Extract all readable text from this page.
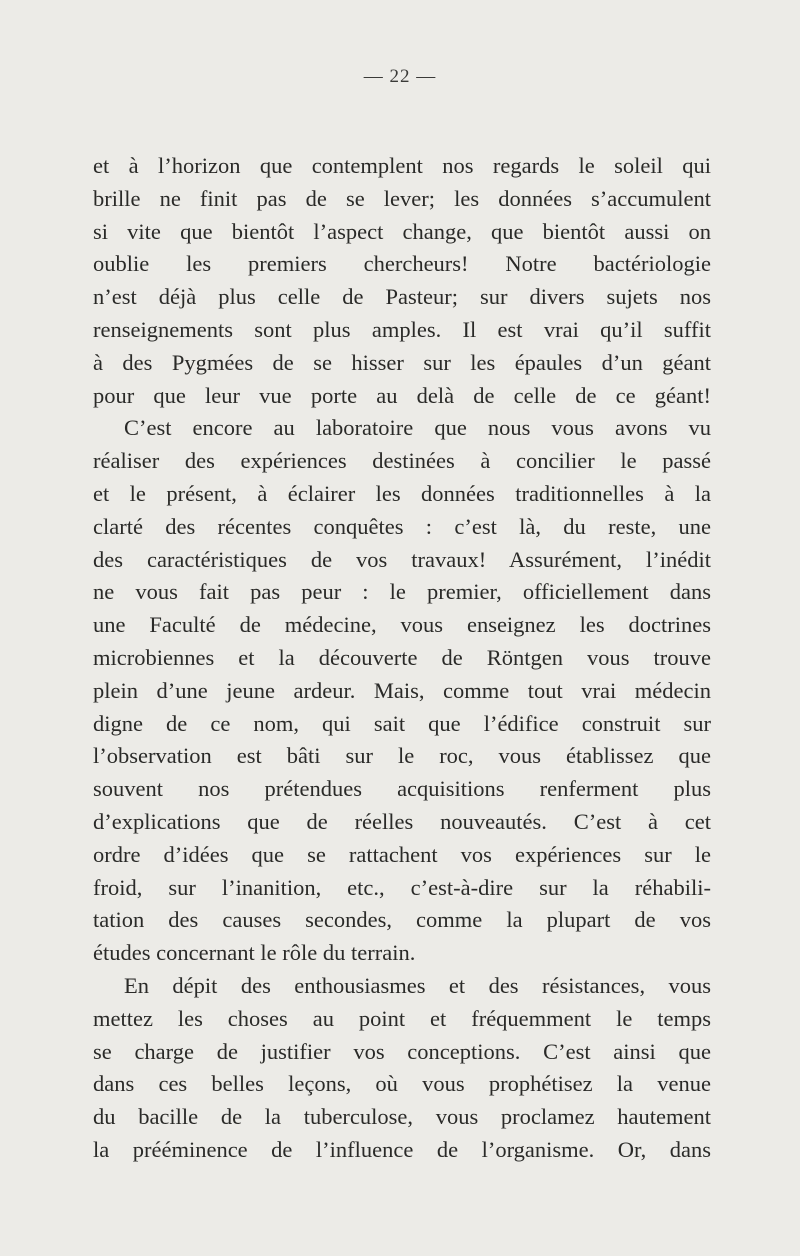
— 22 —
et à l’horizon que contemplent nos regards le soleil qui
brille ne finit pas de se lever; les données s’accumulent
si vite que bientôt l’aspect change, que bientôt aussi on
oublie les premiers chercheurs! Notre bactériologie
n’est déjà plus celle de Pasteur; sur divers sujets nos
renseignements sont plus amples. Il est vrai qu’il suffit
à des Pygmées de se hisser sur les épaules d’un géant
pour que leur vue porte au delà de celle de ce géant!
C’est encore au laboratoire que nous vous avons vu
réaliser des expériences destinées à concilier le passé
et le présent, à éclairer les données traditionnelles à la
clarté des récentes conquêtes : c’est là, du reste, une
des caractéristiques de vos travaux! Assurément, l’inédit
ne vous fait pas peur : le premier, officiellement dans
une Faculté de médecine, vous enseignez les doctrines
microbiennes et la découverte de Röntgen vous trouve
plein d’une jeune ardeur. Mais, comme tout vrai médecin
digne de ce nom, qui sait que l’édifice construit sur
l’observation est bâti sur le roc, vous établissez que
souvent nos prétendues acquisitions renferment plus
d’explications que de réelles nouveautés. C’est à cet
ordre d’idées que se rattachent vos expériences sur le
froid, sur l’inanition, etc., c’est-à-dire sur la réhabili-
tation des causes secondes, comme la plupart de vos
études concernant le rôle du terrain.
En dépit des enthousiasmes et des résistances, vous
mettez les choses au point et fréquemment le temps
se charge de justifier vos conceptions. C’est ainsi que
dans ces belles leçons, où vous prophétisez la venue
du bacille de la tuberculose, vous proclamez hautement
la prééminence de l’influence de l’organisme. Or, dans
